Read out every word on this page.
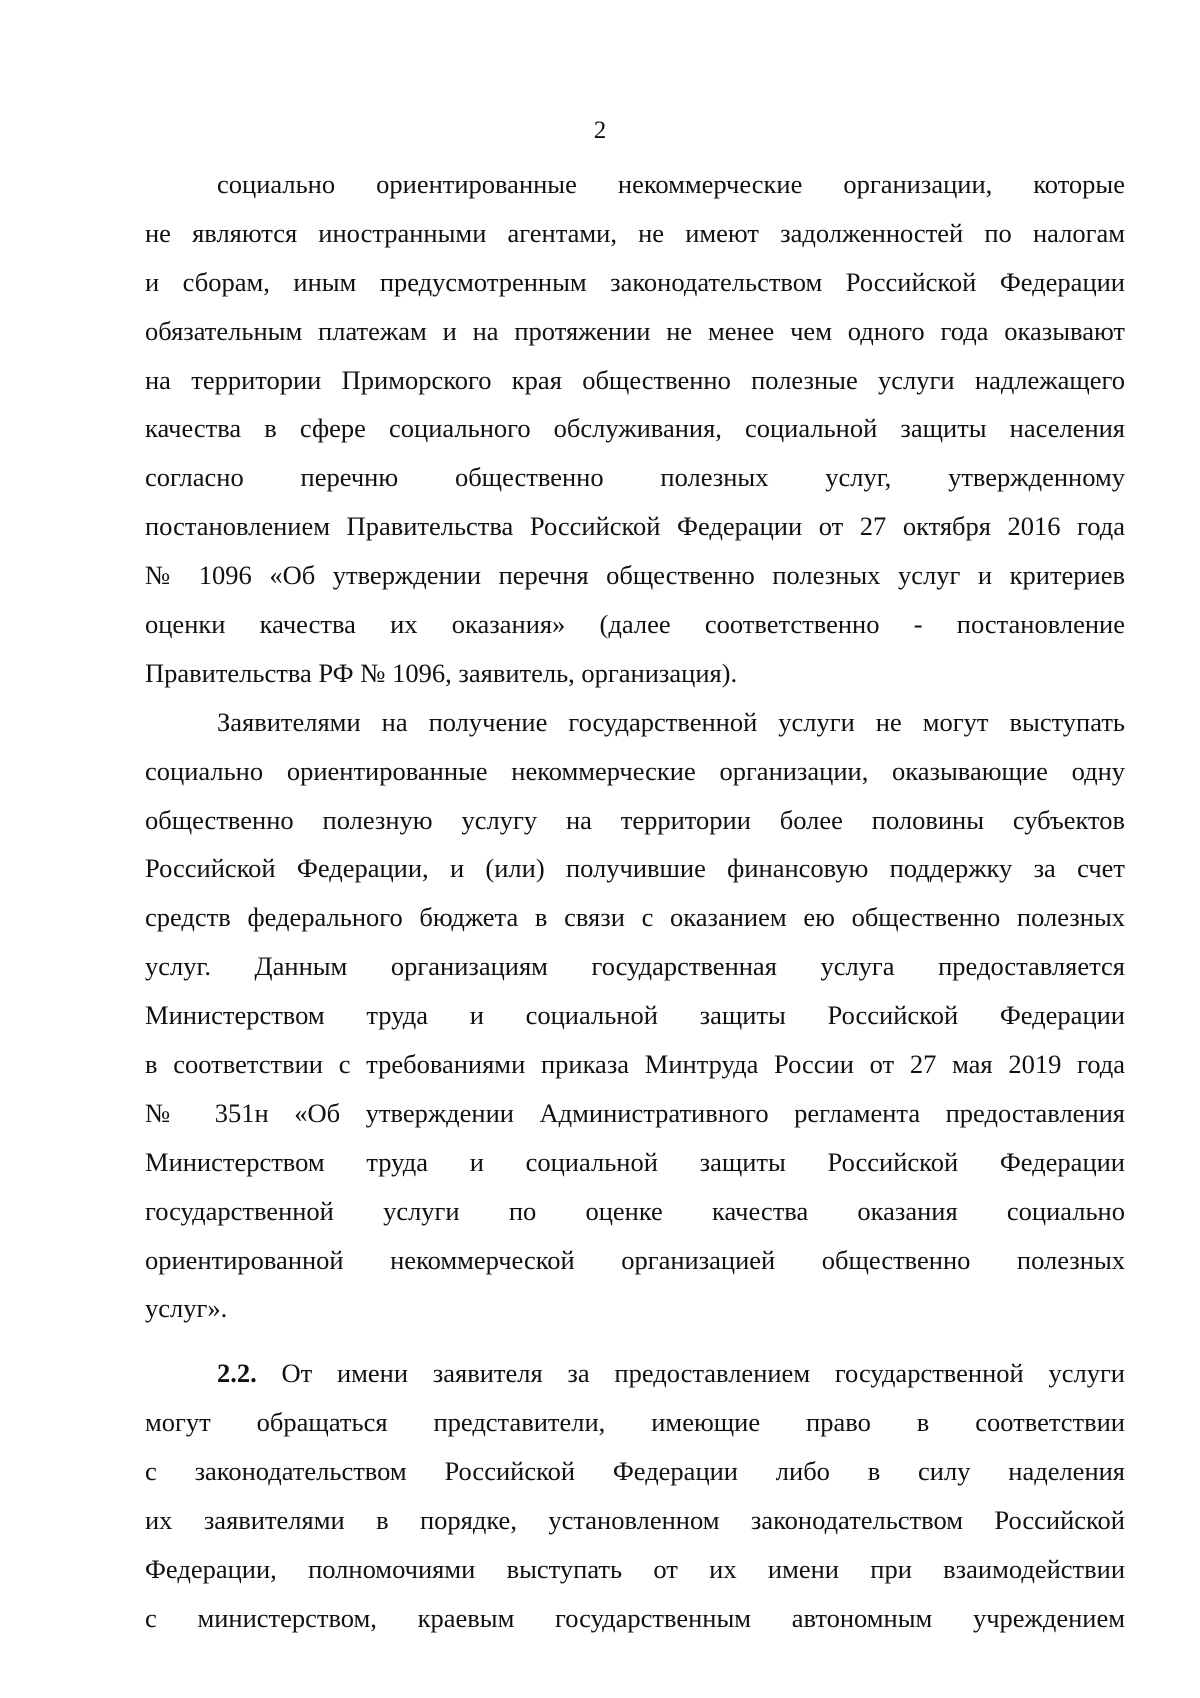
2
социально ориентированные некоммерческие организации, которые
не являются иностранными агентами, не имеют задолженностей по налогам
и сборам, иным предусмотренным законодательством Российской Федерации
обязательным платежам и на протяжении не менее чем одного года оказывают
на территории Приморского края общественно полезные услуги надлежащего
качества в сфере социального обслуживания, социальной защиты населения
согласно перечню общественно полезных услуг, утвержденному
постановлением Правительства Российской Федерации от 27 октября 2016 года
№ 1096 «Об утверждении перечня общественно полезных услуг и критериев
оценки качества их оказания» (далее соответственно - постановление
Правительства РФ № 1096, заявитель, организация).
Заявителями на получение государственной услуги не могут выступать
социально ориентированные некоммерческие организации, оказывающие одну
общественно полезную услугу на территории более половины субъектов
Российской Федерации, и (или) получившие финансовую поддержку за счет
средств федерального бюджета в связи с оказанием ею общественно полезных
услуг. Данным организациям государственная услуга предоставляется
Министерством труда и социальной защиты Российской Федерации
в соответствии с требованиями приказа Минтруда России от 27 мая 2019 года
№ 351н «Об утверждении Административного регламента предоставления
Министерством труда и социальной защиты Российской Федерации
государственной услуги по оценке качества оказания социально
ориентированной некоммерческой организацией общественно полезных
услуг».
2.2. От имени заявителя за предоставлением государственной услуги
могут обращаться представители, имеющие право в соответствии
с законодательством Российской Федерации либо в силу наделения
их заявителями в порядке, установленном законодательством Российской
Федерации, полномочиями выступать от их имени при взаимодействии
с министерством, краевым государственным автономным учреждением
